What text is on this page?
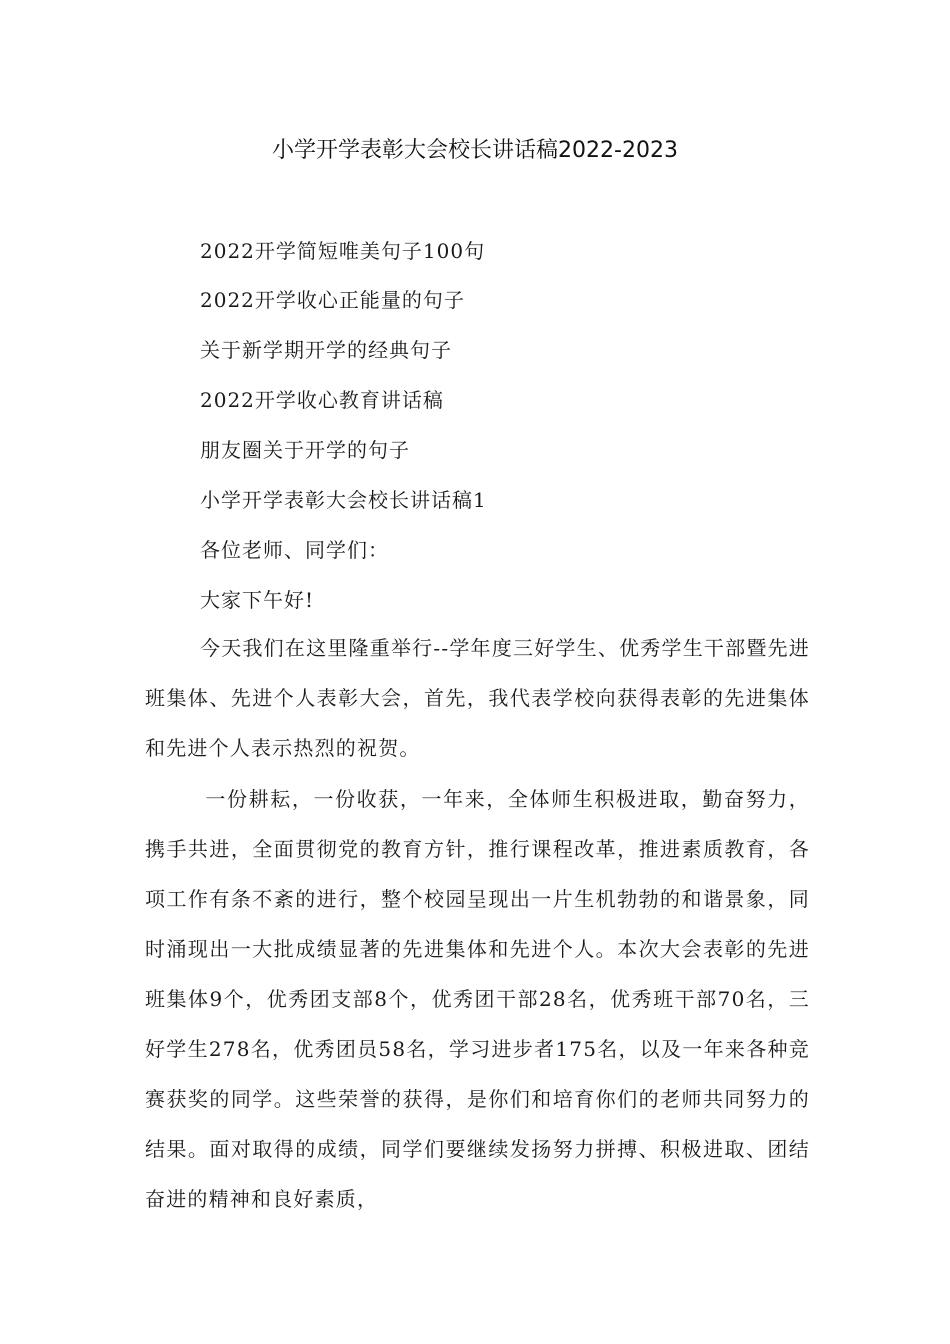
小学开学表彰大会校长讲话稿2022-2023
2022开学简短唯美句子100句
2022开学收心正能量的句子
关于新学期开学的经典句子
2022开学收心教育讲话稿
朋友圈关于开学的句子
小学开学表彰大会校长讲话稿1
各位老师、同学们：
大家下午好!

今天我们在这里隆重举行--学年度三好学生、优秀学生干部暨先进班集体、先进个人表彰大会，首先，我代表学校向获得表彰的先进集体和先进个人表示热烈的祝贺。

一份耕耘，一份收获，一年来，全体师生积极进取，勤奋努力，携手共进，全面贯彻党的教育方针，推行课程改革，推进素质教育，各项工作有条不紊的进行，整个校园呈现出一片生机勃勃的和谐景象，同时涌现出一大批成绩显著的先进集体和先进个人。本次大会表彰的先进班集体9个，优秀团支部8个，优秀团干部28名，优秀班干部70名，三好学生278名，优秀团员58名，学习进步者175名，以及一年来各种竞赛获奖的同学。这些荣誉的获得，是你们和培育你们的老师共同努力的结果。面对取得的成绩，同学们要继续发扬努力拼搏、积极进取、团结奋进的精神和良好素质，
